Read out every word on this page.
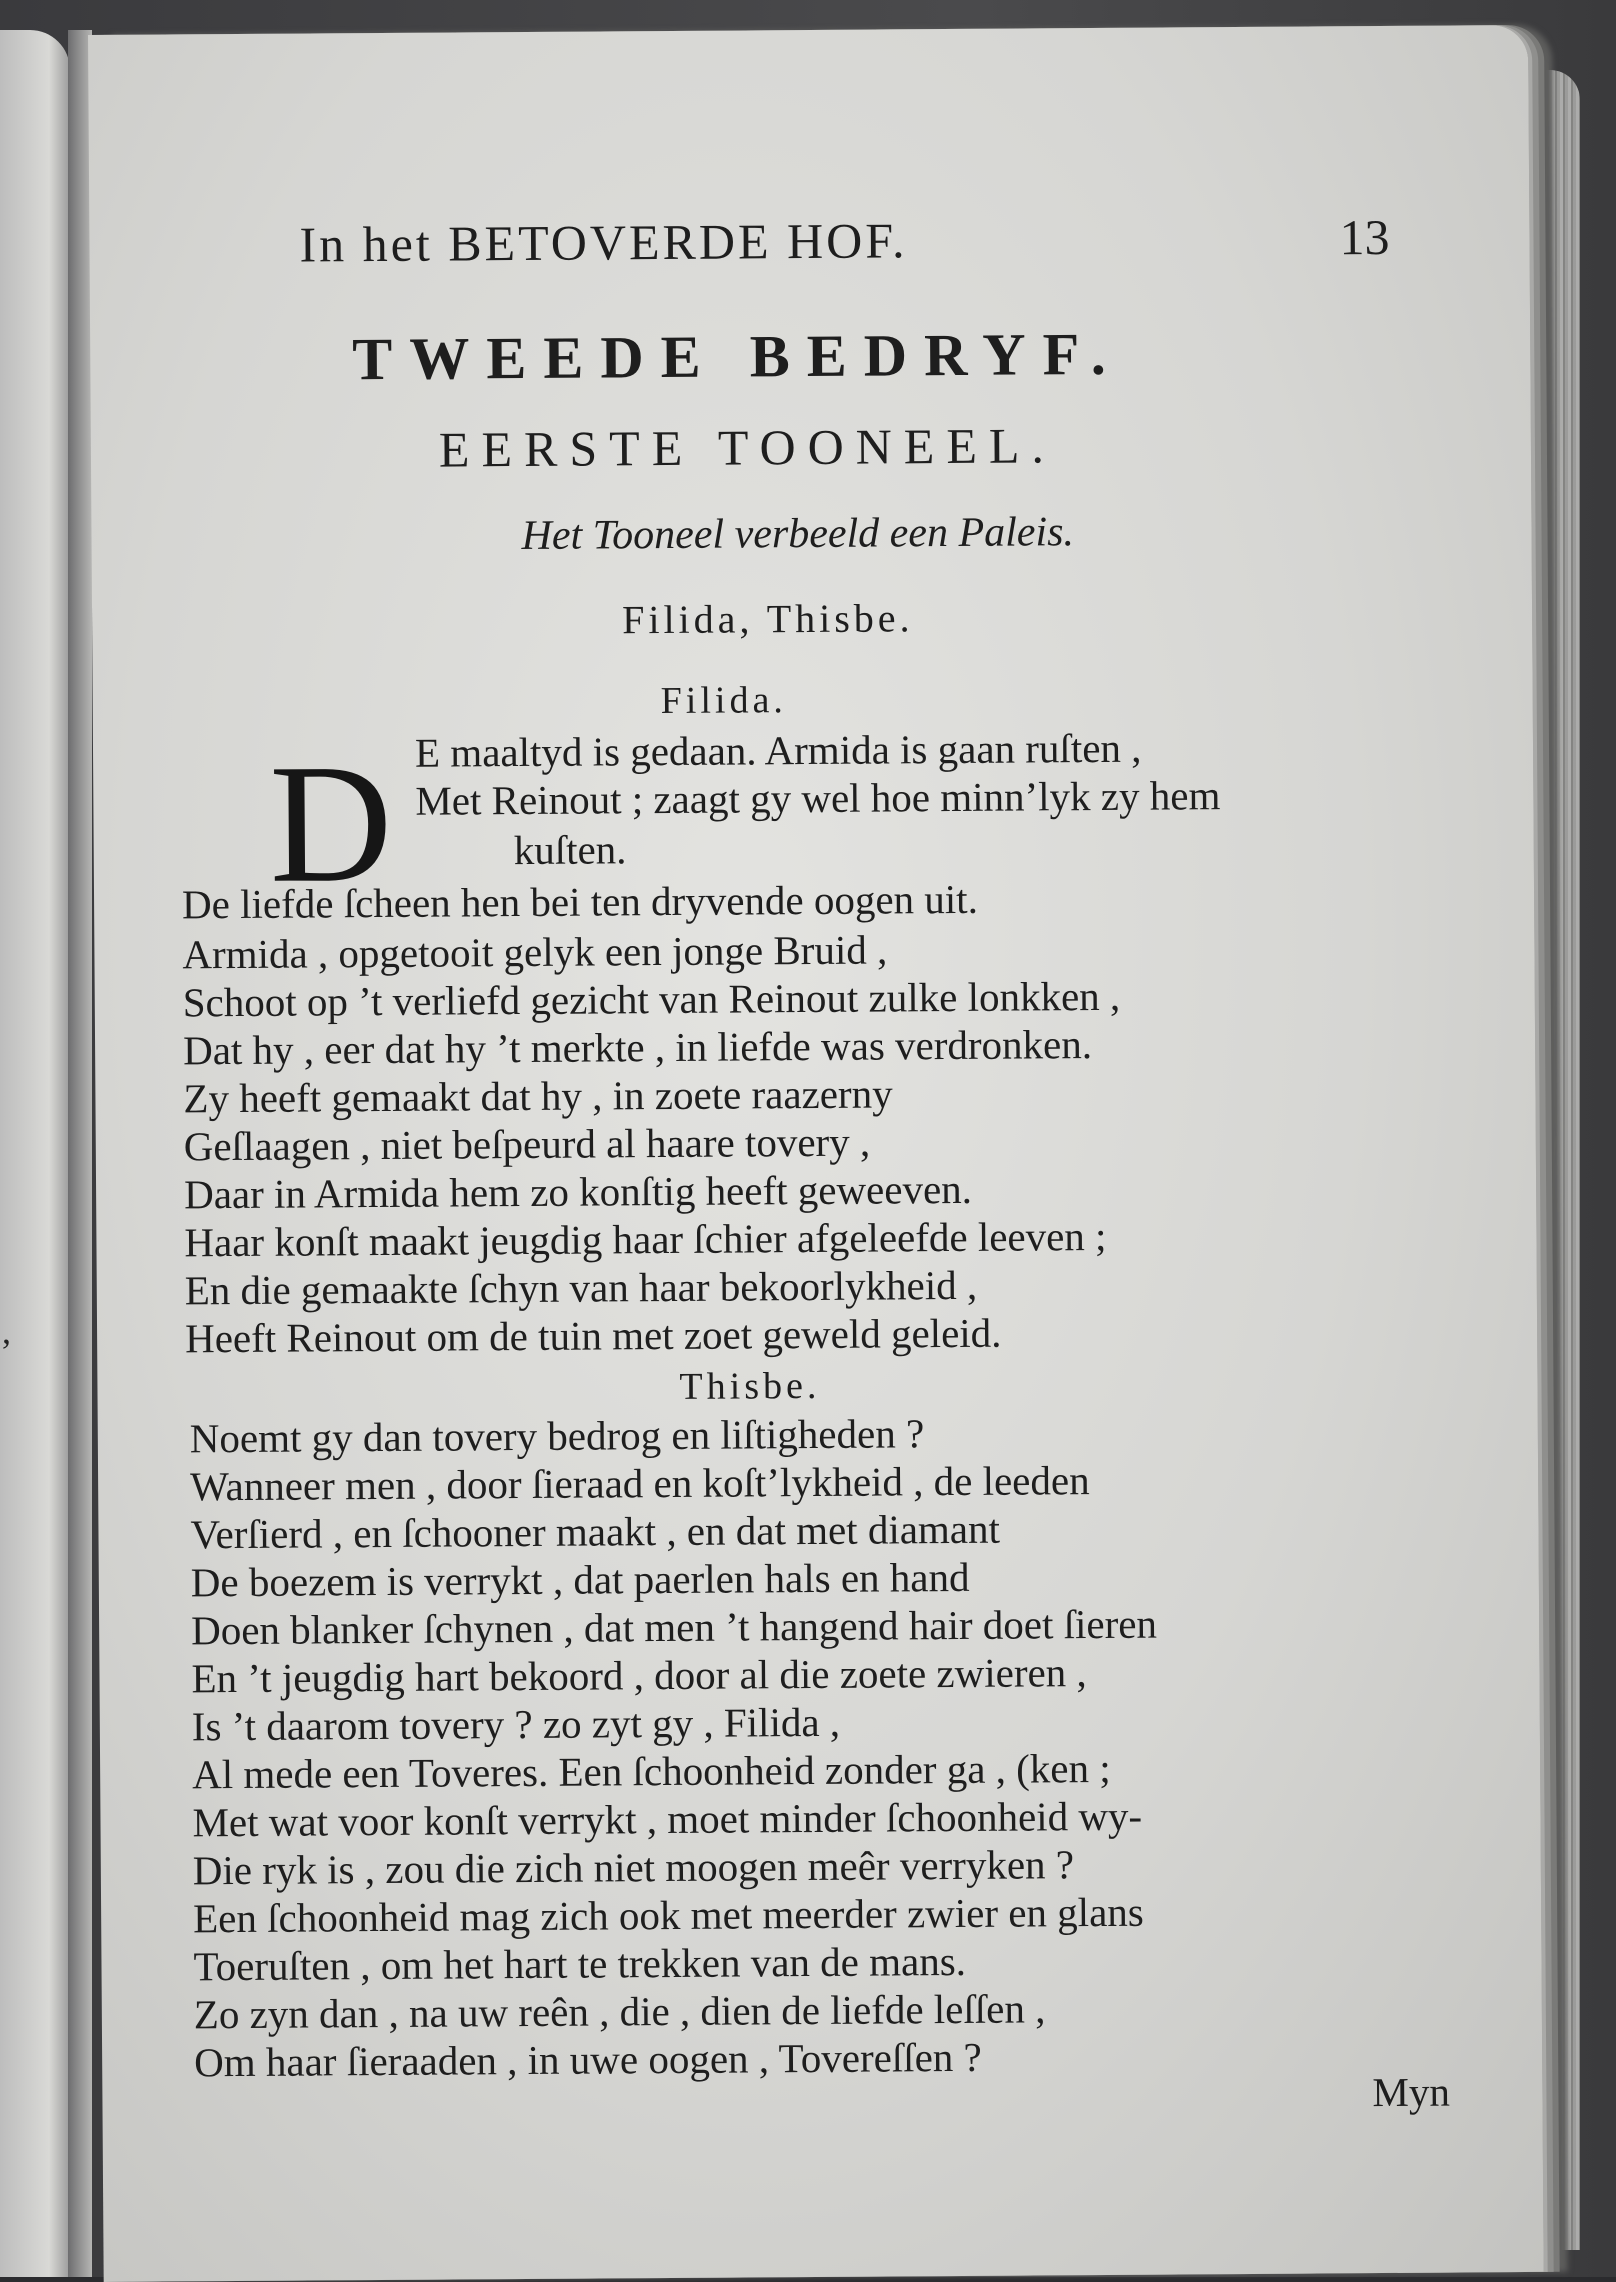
,
In het BETOVERDE HOF.	13
TWEEDE BEDRYF.
EERSTE TOONEEL.
Het Tooneel verbeeld een Paleis.
Filida, Thisbe.
Filida.
D E maaltyd is gedaan. Armida is gaan ruſten ,
Met Reinout ; zaagt gy wel hoe minn’lyk zy hem
kuſten.
De liefde ſcheen hen bei ten dryvende oogen uit.
Armida , opgetooit gelyk een jonge Bruid ,
Schoot op ’t verliefd gezicht van Reinout zulke lonkken ,
Dat hy , eer dat hy ’t merkte , in liefde was verdronken.
Zy heeft gemaakt dat hy , in zoete raazerny
Geſlaagen , niet beſpeurd al haare tovery ,
Daar in Armida hem zo konſtig heeft geweeven.
Haar konſt maakt jeugdig haar ſchier afgeleefde leeven ;
En die gemaakte ſchyn van haar bekoorlykheid ,
Heeft Reinout om de tuin met zoet geweld geleid.
Thisbe.
Noemt gy dan tovery bedrog en liſtigheden ?
Wanneer men , door ſieraad en koſt’lykheid , de leeden
Verſierd , en ſchooner maakt , en dat met diamant
De boezem is verrykt , dat paerlen hals en hand
Doen blanker ſchynen , dat men ’t hangend hair doet ſieren
En ’t jeugdig hart bekoord , door al die zoete zwieren ,
Is ’t daarom tovery ? zo zyt gy , Filida ,
Al mede een Toveres. Een ſchoonheid zonder ga , (ken ;
Met wat voor konſt verrykt , moet minder ſchoonheid wy-
Die ryk is , zou die zich niet moogen meêr verryken ?
Een ſchoonheid mag zich ook met meerder zwier en glans
Toeruſten , om het hart te trekken van de mans.
Zo zyn dan , na uw reên , die , dien de liefde leſſen ,
Om haar ſieraaden , in uwe oogen , Tovereſſen ?
Myn
